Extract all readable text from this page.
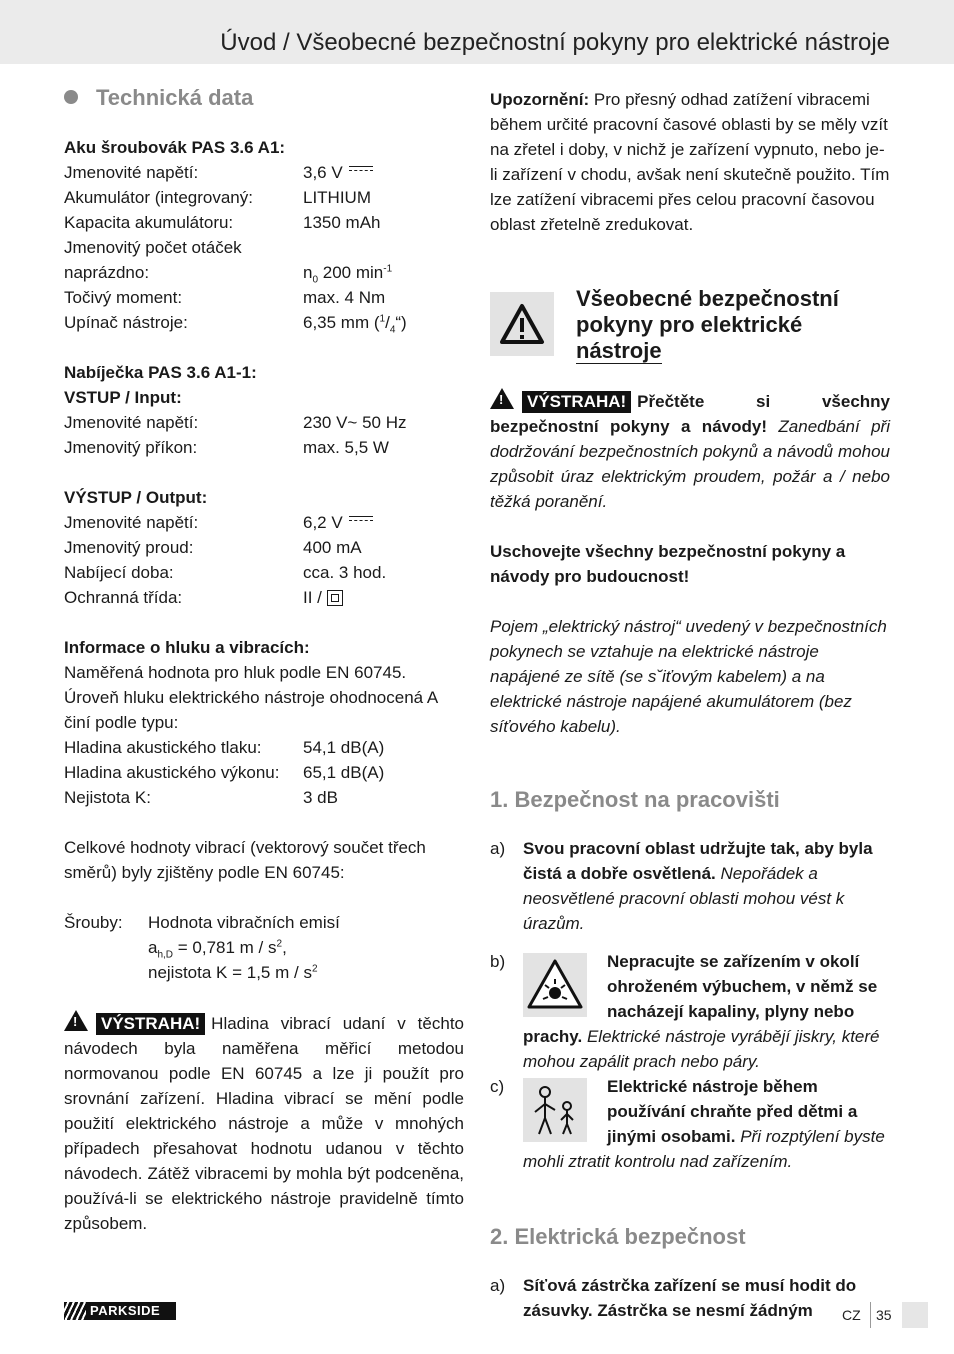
Úvod / Všeobecné bezpečnostní pokyny pro elektrické nástroje
Technická data
Aku šroubovák PAS 3.6 A1:
Jmenovité napětí:	3,6 V
Akumulátor (integrovaný:	LITHIUM
Kapacita akumulátoru:	1350 mAh
Jmenovitý počet otáček
naprázdno:	$n_0$ 200 $\min^{-1}$
Točivý moment:	max. 4 Nm
Upínač nástroje:	6,35 mm $(^1/_4“)$
Nabíječka PAS 3.6 A1-1:
VSTUP / Input:
Jmenovité napětí:	230 V~ 50 Hz
Jmenovitý příkon:	max. 5,5 W
VÝSTUP / Output:
Jmenovité napětí:	6,2 V
Jmenovitý proud:	400 mA
Nabíjecí doba:	cca. 3 hod.
Ochranná třída:	II /
Informace o hluku a vibracích:
Naměřená hodnota pro hluk podle EN 60745.
Úroveň hluku elektrického nástroje ohodnocená A
činí podle typu:
Hladina akustického tlaku:	54,1 dB(A)
Hladina akustického výkonu:	65,1 dB(A)
Nejistota K:	3 dB
Celkové hodnoty vibrací (vektorový součet třech
směrů) byly zjištěny podle EN 60745:
Šrouby:	Hodnota vibračních emisí
$a_{h,D} = 0,781$ m / $s^2$,
nejistota K = 1,5 m / $s^2$
!VÝSTRAHA! Hladina vibrací udaní v těchto návodech byla naměřena měřicí metodou normovanou podle EN 60745 a lze ji použít pro srovnání zařízení. Hladina vibrací se mění podle použití elektrického nástroje a může v mnohých případech přesahovat hodnotu udanou v těchto návodech. Zátěž vibracemi by mohla být podceněna, používá-li se elektrického nástroje pravidelně tímto způsobem.
Upozornění: Pro přesný odhad zatížení vibracemi během určité pracovní časové oblasti by se měly vzít na zřetel i doby, v nichž je zařízení vypnuto, nebo je-li zařízení v chodu, avšak není skutečně použito. Tím lze zatížení vibracemi přes celou pracovní časovou oblast zřetelně zredukovat.
Všeobecné bezpečnostní
pokyny pro elektrické
nástroje
!VÝSTRAHA! Přečtěte si všechny bezpečnostní pokyny a návody! Zanedbání při dodržování bezpečnostních pokynů a návodů mohou způsobit úraz elektrickým proudem, požár a / nebo těžká poranění.
Uschovejte všechny bezpečnostní pokyny a návody pro budoucnost!
Pojem „elektrický nástroj“ uvedený v bezpečnostních pokynech se vztahuje na elektrické nástroje napájené ze sítě (se s˘iťovým kabelem) a na elektrické nástroje napájené akumulátorem (bez síťového kabelu).
1. Bezpečnost na pracovišti
a)	Svou pracovní oblast udržujte tak, aby byla čistá a dobře osvětlená. Nepořádek a neosvětlené pracovní oblasti mohou vést k úrazům.
b)	Nepracujte se zařízením v okolí ohroženém výbuchem, v němž se nacházejí kapaliny, plyny nebo prachy. Elektrické nástroje vyrábějí jiskry, které mohou zapálit prach nebo páry.
c)	Elektrické nástroje během používání chraňte před dětmi a jinými osobami. Při rozptýlení byste mohli ztratit kontrolu nad zařízením.
2. Elektrická bezpečnost
a)	Síťová zástrčka zařízení se musí hodit do zásuvky. Zástrčka se nesmí žádným
PARKSIDE	CZ 35
